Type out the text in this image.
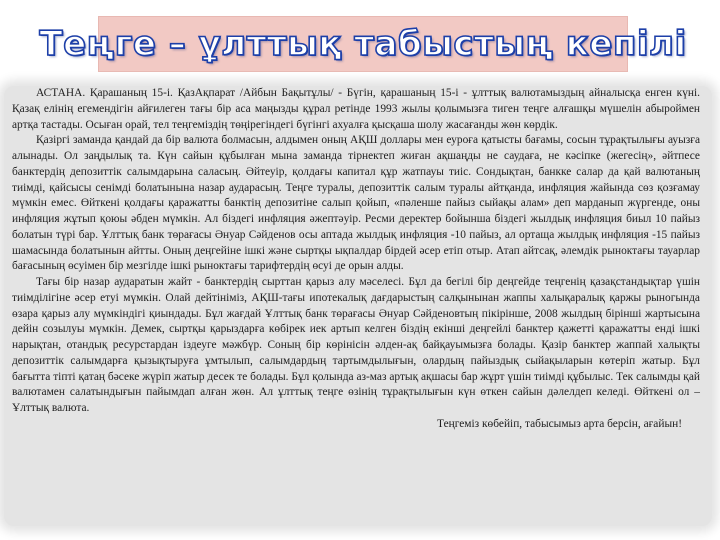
Теңге – ұлттық табыстың кепілі

АСТАНА. Қарашаның 15-і. ҚазАқпарат /Айбын Бақытұлы/ - Бүгін, қарашаның 15-і - ұлттық валютамыздың айналысқа енген күні. Қазақ елінің егемендігін айғилеген тағы бір аса маңызды құрал ретінде 1993 жылы қолымызға тиген теңге алғашқы мүшелін абыроймен артқа тастады. Осыған орай, тел теңгеміздің төңірегіндегі бүгінгі ахуалға қысқаша шолу жасағанды жөн көрдік.

Қазіргі заманда қандай да бір валюта болмасын, алдымен оның АҚШ доллары мен еуроға қатысты бағамы, сосын тұрақтылығы ауызға алынады. Ол заңдылық та. Күн сайын құбылған мына заманда тірнектеп жиған ақшаңды не саудаға, не кәсіпке (жегесің», әйтпесе банктердің депозиттік салымдарына саласың. Әйтеуір, қолдағы капитал құр жатпауы тиіс. Сондықтан, банкке салар да қай валютаның тиімді, қайсысы сенімді болатынына назар аударасың. Теңге туралы, депозиттік салым туралы айтқанда, инфляция жайында сөз қозғамау мүмкін емес. Өйткені қолдағы қаражатты банктің депозитіне салып қойып, «пәленше пайыз сыйақы алам» деп марданып жүргенде, оны инфляция жұтып қоюы әбден мүмкін. Ал біздегі инфляция әжептәуір. Ресми деректер бойынша біздегі жылдық инфляция биыл 10 пайыз болатын түрі бар. Ұлттық банк төрағасы Әнуар Сәйденов осы аптада жылдық инфляция -10 пайыз, ал ортаща жылдық инфляция -15 пайыз шамасында болатынын айтты. Оның деңгейіне ішкі және сыртқы ықпалдар бірдей әсер етіп отыр. Атап айтсақ, әлемдік рыноктағы тауарлар бағасының өсуімен бір мезгілде ішкі рыноктағы тарифтердің өсуі де орын алды.

Тағы бір назар аударатын жайт - банктердің сырттан қарыз алу мәселесі. Бұл да бегілі бір деңгейде теңгенің қазақстандықтар үшін тиімділігіне әсер етуі мүмкін. Олай дейтініміз, АҚШ-тағы ипотекалық дағдарыстың салқынынан жаппы халықаралық қаржы рыногында өзара қарыз алу мүмкіндігі қиындады. Бұл жағдай Ұлттық банк төрағасы Әнуар Сәйденовтың пікірінше, 2008 жылдың бірінші жартысына дейін созылуы мүмкін. Демек, сыртқы қарыздарға көбірек иек артып келген біздің екінші деңгейлі банктер қажетті қаражатты енді ішкі нарықтан, отандық ресурстардан іздеуге мәжбүр. Соның бір көрінісін әлден-ақ байқауымызға болады. Қазір банктер жаппай халықты депозиттік салымдарға қызықтыруға ұмтылып, салымдардың тартымдылығын, олардың пайыздық сыйақыларын көтеріп жатыр. Бұл бағытта тіпті қатаң бәсеке жүріп жатыр десек те болады. Бұл қолында аз-маз артық ақшасы бар жұрт үшін тиімді құбылыс. Тек салымды қай валютамен салатындығын пайымдап алған жөн. Ал ұлттық теңге өзінің тұрақтылығын күн өткен сайын дәлелдеп келеді. Өйткені ол – Ұлттық валюта.

Теңгеміз көбейіп, табысымыз арта берсін, ағайын!
